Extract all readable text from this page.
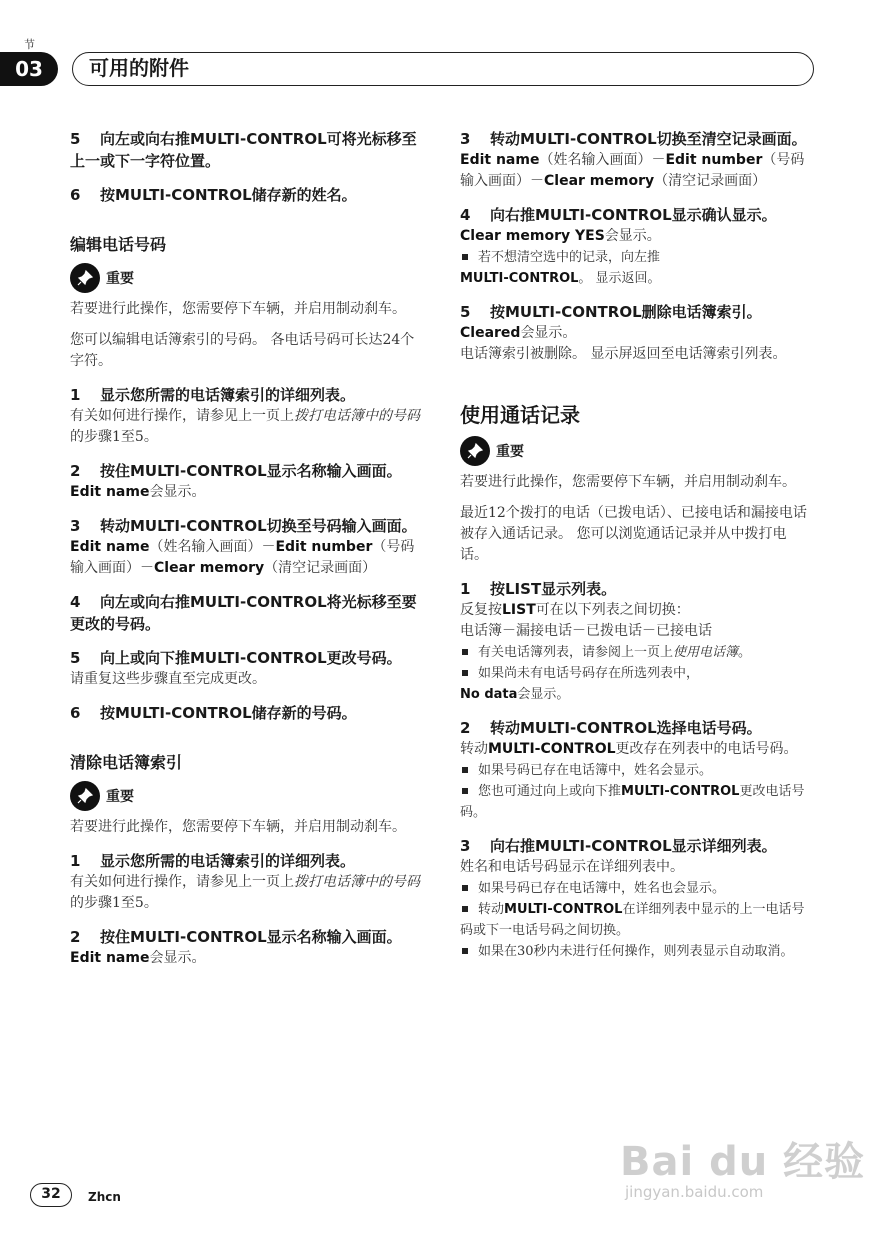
节
03	可用的附件
5 向左或向右推MULTI-CONTROL可将光标移至上一或下一字符位置。
6 按MULTI-CONTROL储存新的姓名。
编辑电话号码
重要
若要进行此操作，您需要停下车辆，并启用制动刹车。
您可以编辑电话簿索引的号码。 各电话号码可长达24个字符。
1 显示您所需的电话簿索引的详细列表。
有关如何进行操作，请参见上一页上拨打电话簿中的号码的步骤1至5。
2 按住MULTI-CONTROL显示名称输入画面。
Edit name会显示。
3 转动MULTI-CONTROL切换至号码输入画面。
Edit name（姓名输入画面）－Edit number（号码输入画面）－Clear memory（清空记录画面）
4 向左或向右推MULTI-CONTROL将光标移至要更改的号码。
5 向上或向下推MULTI-CONTROL更改号码。
请重复这些步骤直至完成更改。
6 按MULTI-CONTROL储存新的号码。
清除电话簿索引
重要
若要进行此操作，您需要停下车辆，并启用制动刹车。
1 显示您所需的电话簿索引的详细列表。
有关如何进行操作，请参见上一页上拨打电话簿中的号码的步骤1至5。
2 按住MULTI-CONTROL显示名称输入画面。
Edit name会显示。
3 转动MULTI-CONTROL切换至清空记录画面。
Edit name（姓名输入画面）－Edit number（号码输入画面）－Clear memory（清空记录画面）
4 向右推MULTI-CONTROL显示确认显示。
Clear memory YES会显示。
若不想清空选中的记录，向左推
MULTI-CONTROL。 显示返回。
5 按MULTI-CONTROL删除电话簿索引。
Cleared会显示。
电话簿索引被删除。 显示屏返回至电话簿索引列表。
使用通话记录
重要
若要进行此操作，您需要停下车辆，并启用制动刹车。
最近12个拨打的电话（已拨电话）、已接电话和漏接电话被存入通话记录。 您可以浏览通话记录并从中拨打电话。
1 按LIST显示列表。
反复按LIST可在以下列表之间切换：
电话簿－漏接电话－已拨电话－已接电话
有关电话簿列表，请参阅上一页上使用电话簿。
如果尚未有电话号码存在所选列表中，
No data会显示。
2 转动MULTI-CONTROL选择电话号码。
转动MULTI-CONTROL更改存在列表中的电话号码。
如果号码已存在电话簿中，姓名会显示。
您也可通过向上或向下推MULTI-CONTROL更改电话号码。
3 向右推MULTI-CONTROL显示详细列表。
姓名和电话号码显示在详细列表中。
如果号码已存在电话簿中，姓名也会显示。
转动MULTI-CONTROL在详细列表中显示的上一电话号码或下一电话号码之间切换。
如果在30秒内未进行任何操作，则列表显示自动取消。
32	Zhcn
Bai du 经验
jingyan.baidu.com
